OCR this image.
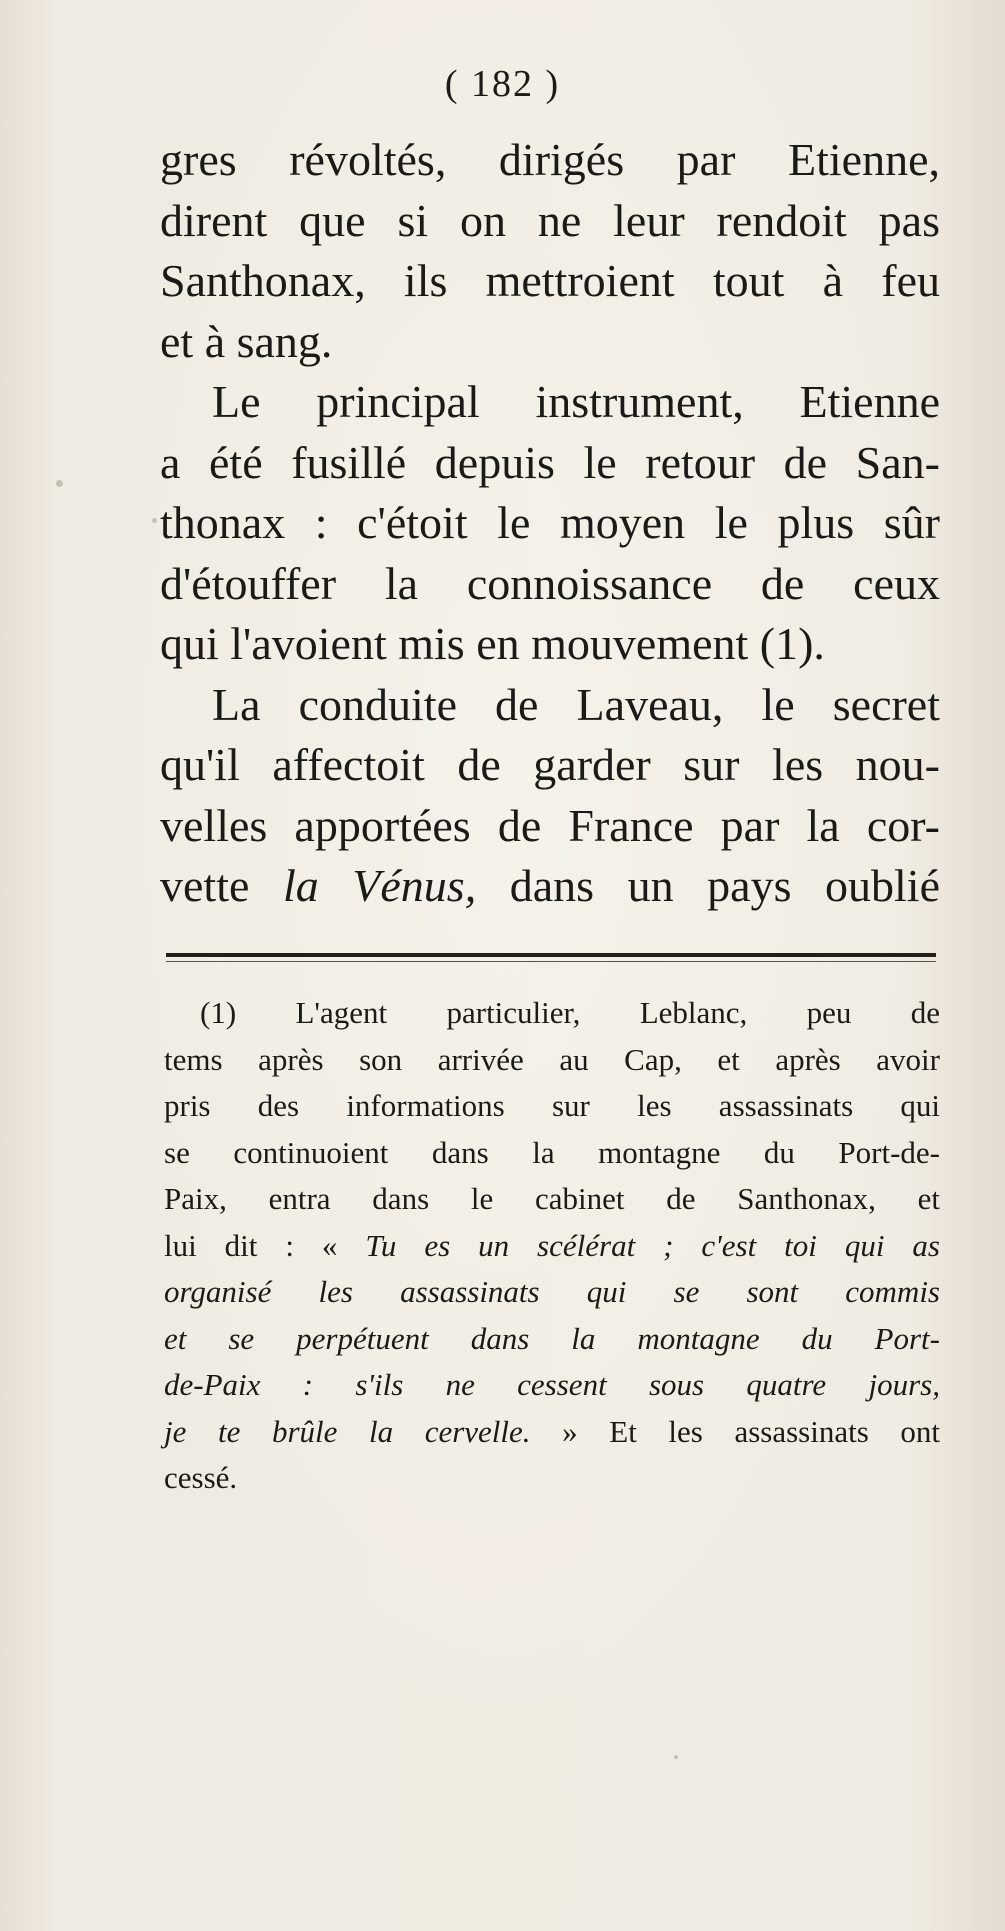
( 182 )
gres révoltés, dirigés par Etienne,
dirent que si on ne leur rendoit pas
Santhonax, ils mettroient tout à feu
et à sang.
Le principal instrument, Etienne
a été fusillé depuis le retour de San-
thonax : c'étoit le moyen le plus sûr
d'étouffer la connoissance de ceux
qui l'avoient mis en mouvement (1).
La conduite de Laveau, le secret
qu'il affectoit de garder sur les nou-
velles apportées de France par la cor-
vette la Vénus, dans un pays oublié
(1) L'agent particulier, Leblanc, peu de
tems après son arrivée au Cap, et après avoir
pris des informations sur les assassinats qui
se continuoient dans la montagne du Port-de-
Paix, entra dans le cabinet de Santhonax, et
lui dit : « Tu es un scélérat ; c'est toi qui as
organisé les assassinats qui se sont commis
et se perpétuent dans la montagne du Port-
de-Paix : s'ils ne cessent sous quatre jours,
je te brûle la cervelle. » Et les assassinats ont
cessé.
